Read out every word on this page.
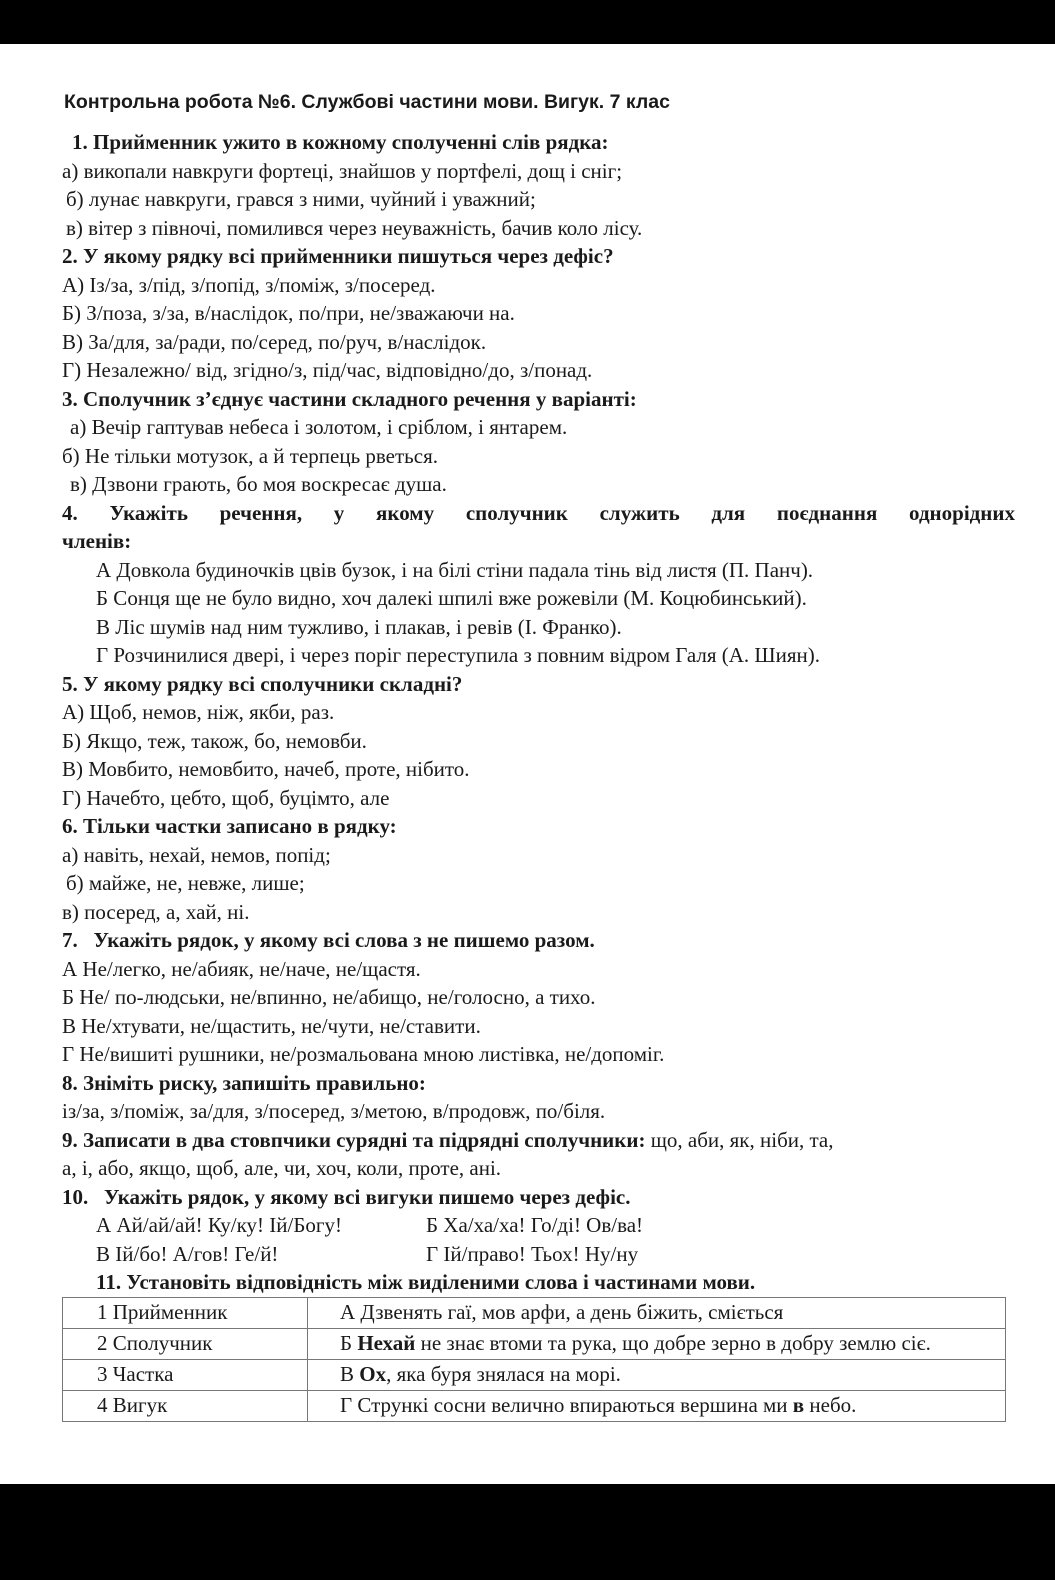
Контрольна робота №6. Службові частини мови. Вигук. 7 клас
1. Прийменник ужито в кожному сполученні слів рядка:
а) викопали навкруги фортеці, знайшов у портфелі, дощ і сніг;
б) лунає навкруги, грався з ними, чуйний і уважний;
в) вітер з півночі, помилився через неуважність, бачив коло лісу.
2. У якому рядку всі прийменники пишуться через дефіс?
А) Із/за, з/під, з/попід, з/поміж, з/посеред.
Б) З/поза, з/за, в/наслідок, по/при, не/зважаючи на.
В) За/для, за/ради, по/серед, по/руч, в/наслідок.
Г) Незалежно/ від, згідно/з, під/час, відповідно/до, з/понад.
3. Сполучник з’єднує частини складного речення у варіанті:
а) Вечір гаптував небеса і золотом, і сріблом, і янтарем.
б) Не тільки мотузок, а й терпець рветься.
в) Дзвони грають, бо моя воскресає душа.
4. Укажіть речення, у якому сполучник служить для поєднання однорідних
членів:
А Довкола будиночків цвів бузок, і на білі стіни падала тінь від листя (П. Панч).
Б Сонця ще не було видно, хоч далекі шпилі вже рожевіли (М. Коцюбинський).
В Ліс шумів над ним тужливо, і плакав, і ревів (І. Франко).
Г Розчинилися двері, і через поріг переступила з повним відром Галя (А. Шиян).
5. У якому рядку всі сполучники складні?
А) Щоб, немов, ніж, якби, раз.
Б) Якщо, теж, також, бо, немовби.
В) Мовбито, немовбито, начеб, проте, нібито.
Г) Начебто, цебто, щоб, буцімто, але
6. Тільки частки записано в рядку:
а) навіть, нехай, немов, попід;
б) майже, не, невже, лише;
в) посеред, а, хай, ні.
7.   Укажіть рядок, у якому всі слова з не пишемо разом.
А Не/легко, не/абияк, не/наче, не/щастя.
Б Не/ по-людськи, не/впинно, не/абищо, не/голосно, а тихо.
В Не/хтувати, не/щастить, не/чути, не/ставити.
Г Не/вишиті рушники, не/розмальована мною листівка, не/допоміг.
8. Зніміть риску, запишіть правильно:
із/за, з/поміж, за/для, з/посеред, з/метою, в/продовж, по/біля.
9. Записати в два стовпчики сурядні та підрядні сполучники: що, аби, як, ніби, та,
а, і, або, якщо, щоб, але, чи, хоч, коли, проте, ані.
10.   Укажіть рядок, у якому всі вигуки пишемо через дефіс.
А Ай/ай/ай! Ку/ку! Ій/Богу!	Б Ха/ха/ха! Го/ді! Ов/ва!
В Ій/бо! А/гов! Ге/й!	Г Ій/право! Тьох! Ну/ну
11. Установіть відповідність між виділеними слова і частинами мови.
1 Прийменник	А Дзвенять гаї, мов арфи, а день біжить, сміється
2 Сполучник	Б Нехай не знає втоми та рука, що добре зерно в добру землю сіє.
3 Частка	В Ох, яка буря знялася на морі.
4 Вигук	Г Стрункі сосни велично впираються вершина ми в небо.
